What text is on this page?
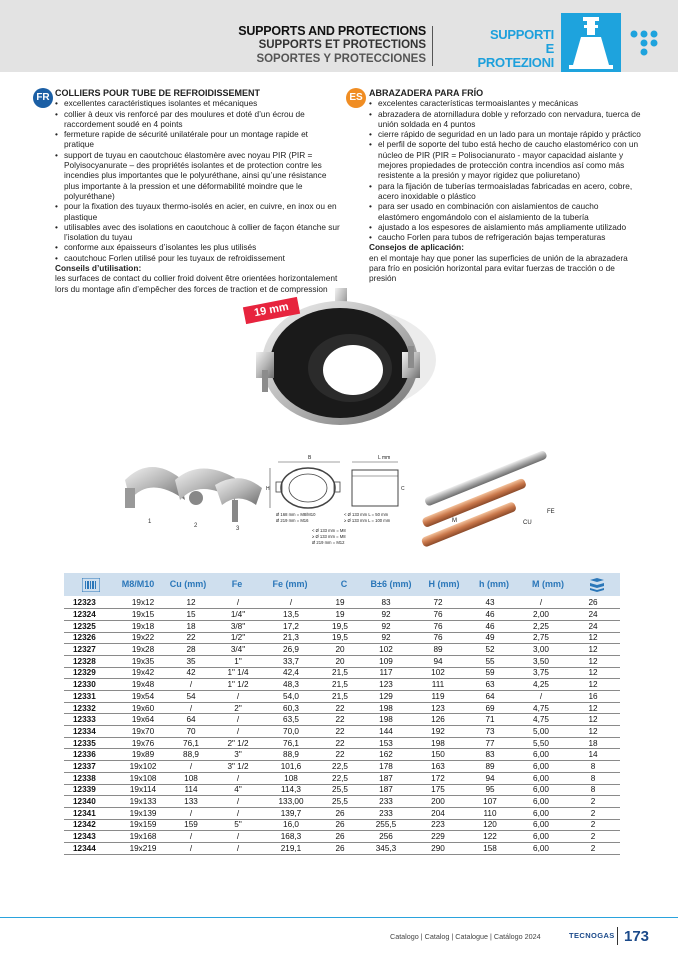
SUPPORTS AND PROTECTIONS
SUPPORTS ET PROTECTIONS
SOPORTES Y PROTECCIONES
SUPPORTI
E PROTEZIONI
FR COLLIERS POUR TUBE DE REFROIDISSEMENT
• excellentes caractéristiques isolantes et mécaniques
• collier à deux vis renforcé par des moulures et doté d’un écrou de raccordement soudé en 4 points
• fermeture rapide de sécurité unilatérale pour un montage rapide et pratique
• support de tuyau en caoutchouc élastomère avec noyau PIR (PIR = Polyisocyanurate – des propriétés isolantes et de protection contre les incendies plus importantes que le polyuréthane, ainsi qu’une résistance plus importante à la pression et une déformabilité moindre que le polyuréthane)
• pour la fixation des tuyaux thermo-isolés en acier, en cuivre, en inox ou en plastique
• utilisables avec des isolations en caoutchouc à collier de façon étanche sur l’isolation du tuyau
• conforme aux épaisseurs d’isolantes les plus utilisés
• caoutchouc Forlen utilisé pour les tuyaux de refroidissement
Conseils d’utilisation:
les surfaces de contact du collier froid doivent être orientées horizontalement lors du montage afin d’empêcher des forces de traction et de compression
ES ABRAZADERA PARA FRÍO
• excelentes características termoaislantes y mecánicas
• abrazadera de atornilladura doble y reforzado con nervadura, tuerca de unión soldada en 4 puntos
• cierre rápido de seguridad en un lado para un montaje rápido y práctico
• el perfil de soporte del tubo está hecho de caucho elastomérico con un núcleo de PIR (PIR = Polisocianurato - mayor capacidad aislante y mejores propiedades de protección contra incendios así como más resistente a la presión y mayor rigidez que poliuretano)
• para la fijación de tuberías termoaisladas fabricadas en acero, cobre, acero inoxidable o plástico
• para ser usado en combinación con aislamientos de caucho elastómero engomándolo con el aislamiento de la tubería
• ajustado a los espesores de aislamiento más ampliamente utilizado
• caucho Forlen para tubos de refrigeración bajas temperaturas
Consejos de aplicación:
en el montaje hay que poner las superficies de unión de la abrazadera para frío en posición horizontal para evitar fuerzas de tracción o de presión
1
2	3
B
H
L mm
C
Ø 168 mm = M8/M10
Ø 219 mm = M16
< Ø 133 mm L = 50 mm
≥ Ø 133 mm L = 100 mm
< Ø 133 mm = M8
≥ Ø 133 mm = M8
Ø 219 mm = M12
M	CU
FE
19 mm
M8/M10	Cu (mm)	Fe	Fe (mm)	C	B±6 (mm)	H (mm)	h (mm)	M (mm)
12323	19x12	12	/	/	19	83	72	43	/	26
12324	19x15	15	1/4"	13,5	19	92	76	46	2,00	24
12325	19x18	18	3/8"	17,2	19,5	92	76	46	2,25	24
12326	19x22	22	1/2"	21,3	19,5	92	76	49	2,75	12
12327	19x28	28	3/4"	26,9	20	102	89	52	3,00	12
12328	19x35	35	1"	33,7	20	109	94	55	3,50	12
12329	19x42	42	1" 1/4	42,4	21,5	117	102	59	3,75	12
12330	19x48	/	1" 1/2	48,3	21,5	123	111	63	4,25	12
12331	19x54	54	/	54,0	21,5	129	119	64	/	16
12332	19x60	/	2"	60,3	22	198	123	69	4,75	12
12333	19x64	64	/	63,5	22	198	126	71	4,75	12
12334	19x70	70	/	70,0	22	144	192	73	5,00	12
12335	19x76	76,1	2" 1/2	76,1	22	153	198	77	5,50	18
12336	19x89	88,9	3"	88,9	22	162	150	83	6,00	14
12337	19x102	/	3" 1/2	101,6	22,5	178	163	89	6,00	8
12338	19x108	108	/	108	22,5	187	172	94	6,00	8
12339	19x114	114	4"	114,3	25,5	187	175	95	6,00	8
12340	19x133	133	/	133,00	25,5	233	200	107	6,00	2
12341	19x139	/	/	139,7	26	233	204	110	6,00	2
12342	19x159	159	5"	16,0	26	255,5	223	120	6,00	2
12343	19x168	/	/	168,3	26	256	229	122	6,00	2
12344	19x219	/	/	219,1	26	345,3	290	158	6,00	2
Catalogo | Catalog | Catalogue | Catálogo 2024	TECNOGAS 173
